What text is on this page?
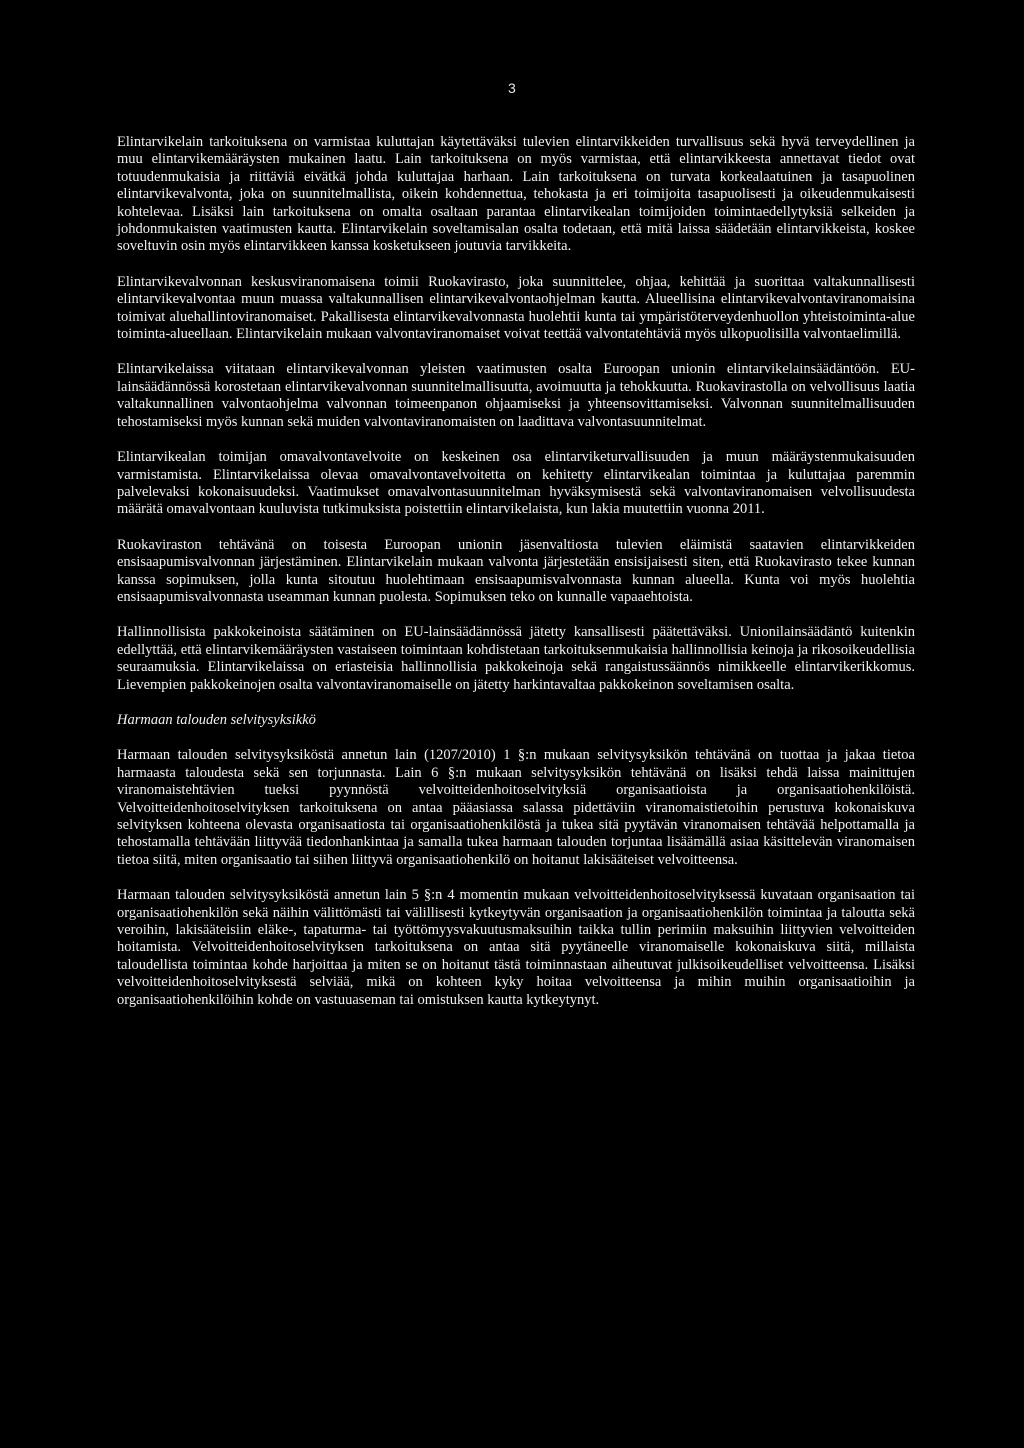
3

Elintarvikelain tarkoituksena on varmistaa kuluttajan käytettäväksi tulevien elintarvikkeiden turvallisuus sekä hyvä terveydellinen ja muu elintarvikemääräysten mukainen laatu. Lain tarkoituksena on myös varmistaa, että elintarvikkeesta annettavat tiedot ovat totuudenmukaisia ja riittäviä eivätkä johda kuluttajaa harhaan. Lain tarkoituksena on turvata korkealaatuinen ja tasapuolinen elintarvikevalvonta, joka on suunnitelmallista, oikein kohdennettua, tehokasta ja eri toimijoita tasapuolisesti ja oikeudenmukaisesti kohtelevaa. Lisäksi lain tarkoituksena on omalta osaltaan parantaa elintarvikealan toimijoiden toimintaedellytyksiä selkeiden ja johdonmukaisten vaatimusten kautta. Elintarvikelain soveltamisalan osalta todetaan, että mitä laissa säädetään elintarvikkeista, koskee soveltuvin osin myös elintarvikkeen kanssa kosketukseen joutuvia tarvikkeita.

Elintarvikevalvonnan keskusviranomaisena toimii Ruokavirasto, joka suunnittelee, ohjaa, kehittää ja suorittaa valtakunnallisesti elintarvikevalvontaa muun muassa valtakunnallisen elintarvikevalvontaohjelman kautta. Alueellisina elintarvikevalvontaviranomaisina toimivat aluehallintoviranomaiset. Pakallisesta elintarvikevalvonnasta huolehtii kunta tai ympäristöterveydenhuollon yhteistoiminta-alue toiminta-alueellaan. Elintarvikelain mukaan valvontaviranomaiset voivat teettää valvontatehtäviä myös ulkopuolisilla valvontaelimillä.

Elintarvikelaissa viitataan elintarvikevalvonnan yleisten vaatimusten osalta Euroopan unionin elintarvikelainsäädäntöön. EU-lainsäädännössä korostetaan elintarvikevalvonnan suunnitelmallisuutta, avoimuutta ja tehokkuutta. Ruokavirastolla on velvollisuus laatia valtakunnallinen valvontaohjelma valvonnan toimeenpanon ohjaamiseksi ja yhteensovittamiseksi. Valvonnan suunnitelmallisuuden tehostamiseksi myös kunnan sekä muiden valvontaviranomaisten on laadittava valvontasuunnitelmat.

Elintarvikealan toimijan omavalvontavelvoite on keskeinen osa elintarviketurvallisuuden ja muun määräystenmukaisuuden varmistamista. Elintarvikelaissa olevaa omavalvontavelvoitetta on kehitetty elintarvikealan toimintaa ja kuluttajaa paremmin palvelevaksi kokonaisuudeksi. Vaatimukset omavalvontasuunnitelman hyväksymisestä sekä valvontaviranomaisen velvollisuudesta määrätä omavalvontaan kuuluvista tutkimuksista poistettiin elintarvikelaista, kun lakia muutettiin vuonna 2011.

Ruokaviraston tehtävänä on toisesta Euroopan unionin jäsenvaltiosta tulevien eläimistä saatavien elintarvikkeiden ensisaapumisvalvonnan järjestäminen. Elintarvikelain mukaan valvonta järjestetään ensisijaisesti siten, että Ruokavirasto tekee kunnan kanssa sopimuksen, jolla kunta sitoutuu huolehtimaan ensisaapumisvalvonnasta kunnan alueella. Kunta voi myös huolehtia ensisaapumisvalvonnasta useamman kunnan puolesta. Sopimuksen teko on kunnalle vapaaehtoista.

Hallinnollisista pakkokeinoista säätäminen on EU-lainsäädännössä jätetty kansallisesti päätettäväksi. Unionilainsäädäntö kuitenkin edellyttää, että elintarvikemääräysten vastaiseen toimintaan kohdistetaan tarkoituksenmukaisia hallinnollisia keinoja ja rikosoikeudellisia seuraamuksia. Elintarvikelaissa on eriasteisia hallinnollisia pakkokeinoja sekä rangaistussäännös nimikkeelle elintarvikerikkomus. Lievempien pakkokeinojen osalta valvontaviranomaiselle on jätetty harkintavaltaa pakkokeinon soveltamisen osalta.

Harmaan talouden selvitysyksikkö

Harmaan talouden selvitysyksiköstä annetun lain (1207/2010) 1 §:n mukaan selvitysyksikön tehtävänä on tuottaa ja jakaa tietoa harmaasta taloudesta sekä sen torjunnasta. Lain 6 §:n mukaan selvitysyksikön tehtävänä on lisäksi tehdä laissa mainittujen viranomaistehtävien tueksi pyynnöstä velvoitteidenhoitoselvityksiä organisaatioista ja organisaatiohenkilöistä. Velvoitteidenhoitoselvityksen tarkoituksena on antaa pääasiassa salassa pidettäviin viranomaistietoihin perustuva kokonaiskuva selvityksen kohteena olevasta organisaatiosta tai organisaatiohenkilöstä ja tukea sitä pyytävän viranomaisen tehtävää helpottamalla ja tehostamalla tehtävään liittyvää tiedonhankintaa ja samalla tukea harmaan talouden torjuntaa lisäämällä asiaa käsittelevän viranomaisen tietoa siitä, miten organisaatio tai siihen liittyvä organisaatiohenkilö on hoitanut lakisääteiset velvoitteensa.

Harmaan talouden selvitysyksiköstä annetun lain 5 §:n 4 momentin mukaan velvoitteidenhoitoselvityksessä kuvataan organisaation tai organisaatiohenkilön sekä näihin välittömästi tai välillisesti kytkeytyvän organisaation ja organisaatiohenkilön toimintaa ja taloutta sekä veroihin, lakisääteisiin eläke-, tapaturma- tai työttömyysvakuutusmaksuihin taikka tullin perimiin maksuihin liittyvien velvoitteiden hoitamista. Velvoitteidenhoitoselvityksen tarkoituksena on antaa sitä pyytäneelle viranomaiselle kokonaiskuva siitä, millaista taloudellista toimintaa kohde harjoittaa ja miten se on hoitanut tästä toiminnastaan aiheutuvat julkisoikeudelliset velvoitteensa. Lisäksi velvoitteidenhoitoselvityksestä selviää, mikä on kohteen kyky hoitaa velvoitteensa ja mihin muihin organisaatioihin ja organisaatiohenkilöihin kohde on vastuuaseman tai omistuksen kautta kytkeytynyt.
